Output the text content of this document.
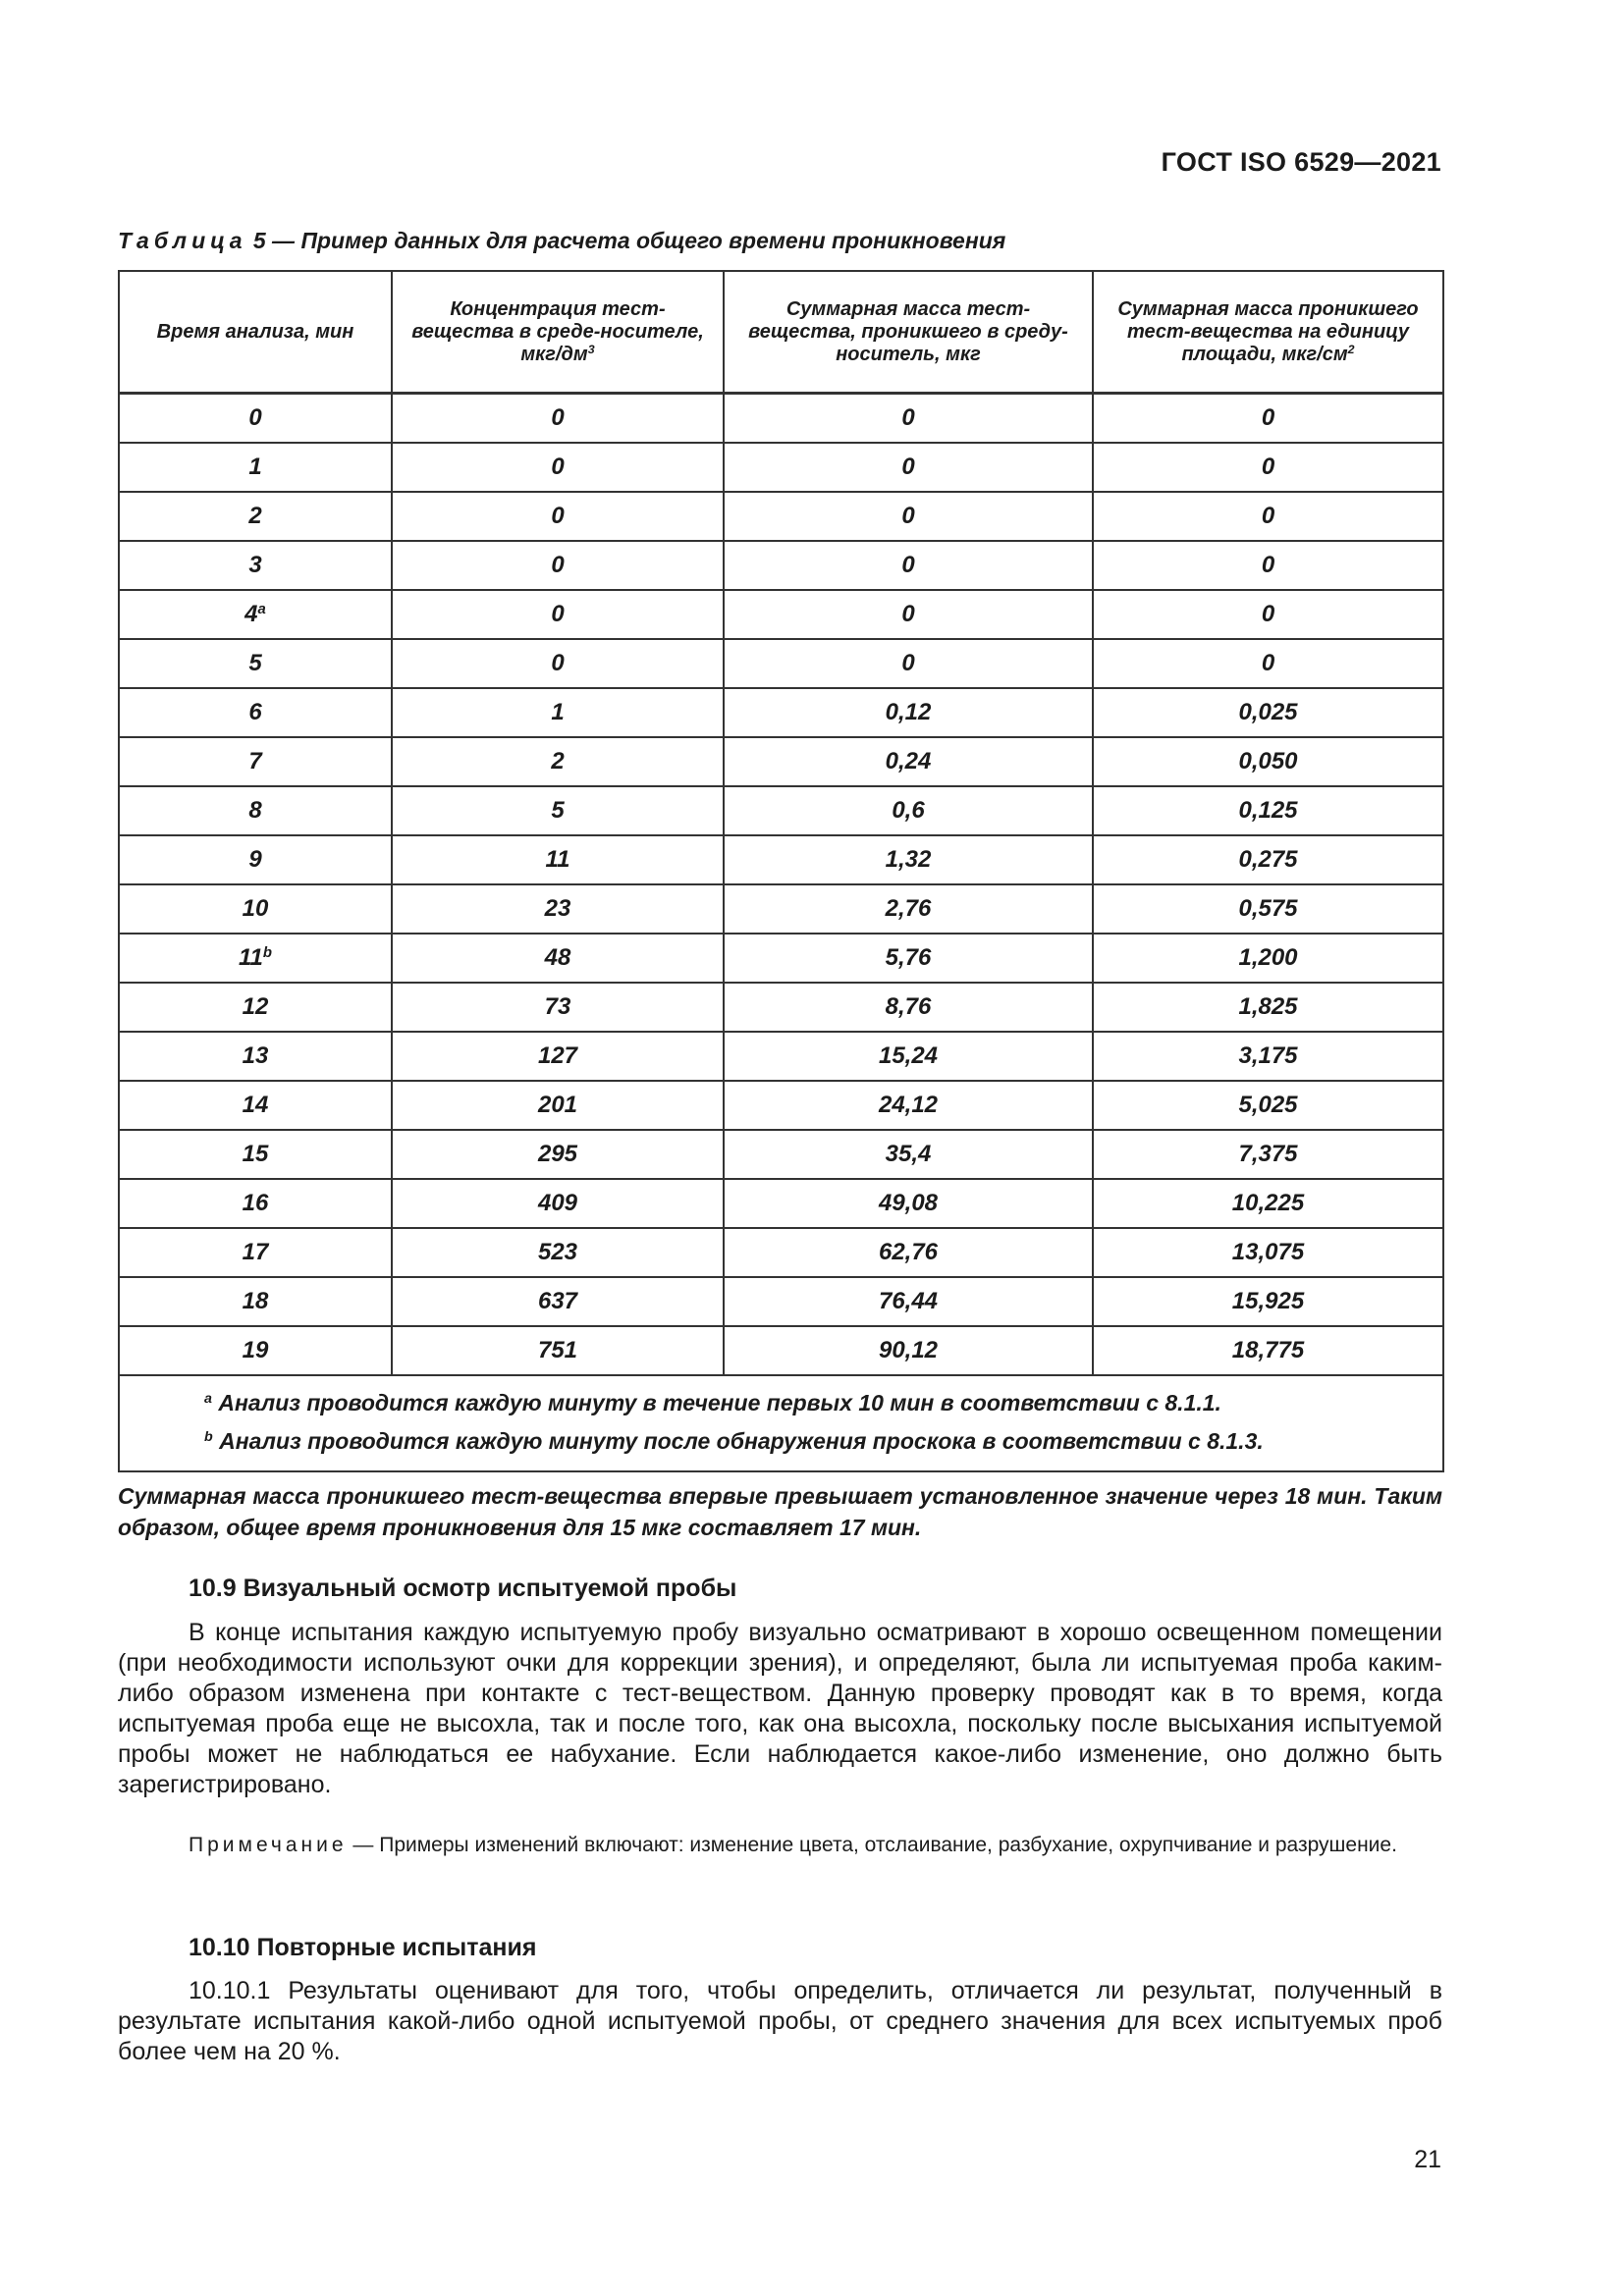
ГОСТ ISO 6529—2021
Таблица 5 — Пример данных для расчета общего времени проникновения
Время анализа, мин	Концентрация тест-вещества в среде-носителе, мкг/$дм^3$	Суммарная масса тест-вещества, проникшего в среду-носитель, мкг	Суммарная масса проникшего тест-вещества на единицу площади, мкг/$см^2$
0	0	0	0
1	0	0	0
2	0	0	0
3	0	0	0
4$^a$	0	0	0
5	0	0	0
6	1	0,12	0,025
7	2	0,24	0,050
8	5	0,6	0,125
9	11	1,32	0,275
10	23	2,76	0,575
11$^b$	48	5,76	1,200
12	73	8,76	1,825
13	127	15,24	3,175
14	201	24,12	5,025
15	295	35,4	7,375
16	409	49,08	10,225
17	523	62,76	13,075
18	637	76,44	15,925
19	751	90,12	18,775

$^a$ Анализ проводится каждую минуту в течение первых 10 мин в соответствии с 8.1.1.
$^b$ Анализ проводится каждую минуту после обнаружения проскока в соответствии с 8.1.3.			
Суммарная масса проникшего тест-вещества впервые превышает установленное значение через 18 мин. Таким образом, общее время проникновения для 15 мкг составляет 17 мин.
10.9 Визуальный осмотр испытуемой пробы
В конце испытания каждую испытуемую пробу визуально осматривают в хорошо освещенном помещении (при необходимости используют очки для коррекции зрения), и определяют, была ли испытуемая проба каким-либо образом изменена при контакте с тест-веществом. Данную проверку проводят как в то время, когда испытуемая проба еще не высохла, так и после того, как она высохла, поскольку после высыхания испытуемой пробы может не наблюдаться ее набухание. Если наблюдается какое-либо изменение, оно должно быть зарегистрировано.
Примечание — Примеры изменений включают: изменение цвета, отслаивание, разбухание, охрупчивание и разрушение.
10.10 Повторные испытания
10.10.1 Результаты оценивают для того, чтобы определить, отличается ли результат, полученный в результате испытания какой-либо одной испытуемой пробы, от среднего значения для всех испытуемых проб более чем на 20 %.
21
